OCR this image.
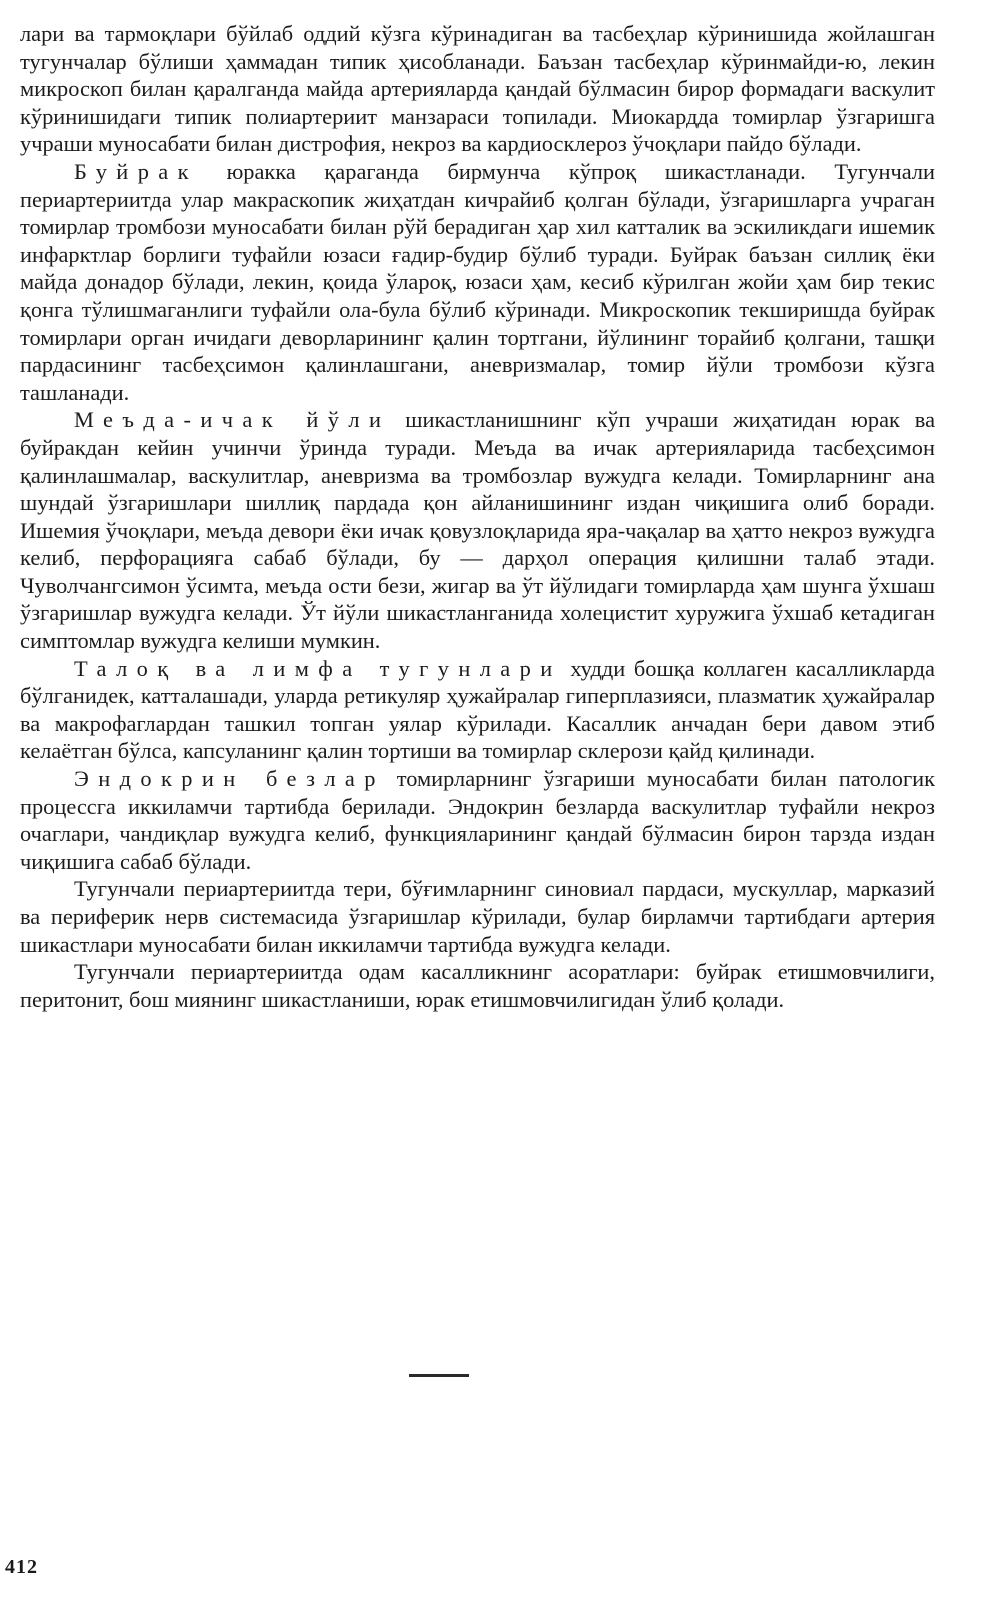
лари ва тармоқлари бўйлаб оддий кўзга кўринадиган ва тасбеҳлар кўринишида жойлашган тугунчалар бўлиши ҳаммадан типик ҳисобланади. Баъзан тасбеҳлар кўринмайди-ю, лекин микроскоп билан қаралганда майда артерияларда қандай бўлмасин бирор формадаги васкулит кўринишидаги типик полиартериит манзараси топилади. Миокардда томирлар ўзгаришга учраши муносабати билан дистрофия, некроз ва кардиосклероз ўчоқлари пайдо бўлади.

Буйрак юракка қараганда бирмунча кўпроқ шикастланади. Тугунчали периартериитда улар макраскопик жиҳатдан кичрайиб қолган бўлади, ўзгаришларга учраган томирлар тромбози муносабати билан рўй берадиган ҳар хил катталик ва эскиликдаги ишемик инфарктлар борлиги туфайли юзаси ғадир-будир бўлиб туради. Буйрак баъзан силлиқ ёки майда донадор бўлади, лекин, қоида ўлароқ, юзаси ҳам, кесиб кўрилган жойи ҳам бир текис қонга тўлишмаганлиги туфайли ола-була бўлиб кўринади. Микроскопик текширишда буйрак томирлари орган ичидаги деворларининг қалин тортгани, йўлининг торайиб қолгани, ташқи пардасининг тасбеҳсимон қалинлашгани, аневризмалар, томир йўли тромбози кўзга ташланади.

Меъда-ичак йўли шикастланишнинг кўп учраши жиҳатидан юрак ва буйракдан кейин учинчи ўринда туради. Меъда ва ичак артерияларида тасбеҳсимон қалинлашмалар, васкулитлар, аневризма ва тромбозлар вужудга келади. Томирларнинг ана шундай ўзгаришлари шиллиқ пардада қон айланишининг издан чиқишига олиб боради. Ишемия ўчоқлари, меъда девори ёки ичак қовузлоқларида яра-чақалар ва ҳатто некроз вужудга келиб, перфорацияга сабаб бўлади, бу — дарҳол операция қилишни талаб этади. Чуволчангсимон ўсимта, меъда ости бези, жигар ва ўт йўлидаги томирларда ҳам шунга ўхшаш ўзгаришлар вужудга келади. Ўт йўли шикастланганида холецистит хуружига ўхшаб кетадиган симптомлар вужудга келиши мумкин.

Талоқ ва лимфа тугунлари худди бошқа коллаген касалликларда бўлганидек, катталашади, уларда ретикуляр ҳужайралар гиперплазияси, плазматик ҳужайралар ва макрофаглардан ташкил топган уялар кўрилади. Касаллик анчадан бери давом этиб келаётган бўлса, капсуланинг қалин тортиши ва томирлар склерози қайд қилинади.

Эндокрин безлар томирларнинг ўзгариши муносабати билан патологик процессга иккиламчи тартибда берилади. Эндокрин безларда васкулитлар туфайли некроз очаглари, чандиқлар вужудга келиб, функцияларининг қандай бўлмасин бирон тарзда издан чиқишига сабаб бўлади.

Тугунчали периартериитда тери, бўғимларнинг синовиал пардаси, мускуллар, марказий ва периферик нерв системасида ўзгаришлар кўрилади, булар бирламчи тартибдаги артерия шикастлари муносабати билан иккиламчи тартибда вужудга келади.

Тугунчали периартериитда одам касалликнинг асоратлари: буйрак етишмовчилиги, перитонит, бош миянинг шикастланиши, юрак етишмовчилигидан ўлиб қолади.

412
